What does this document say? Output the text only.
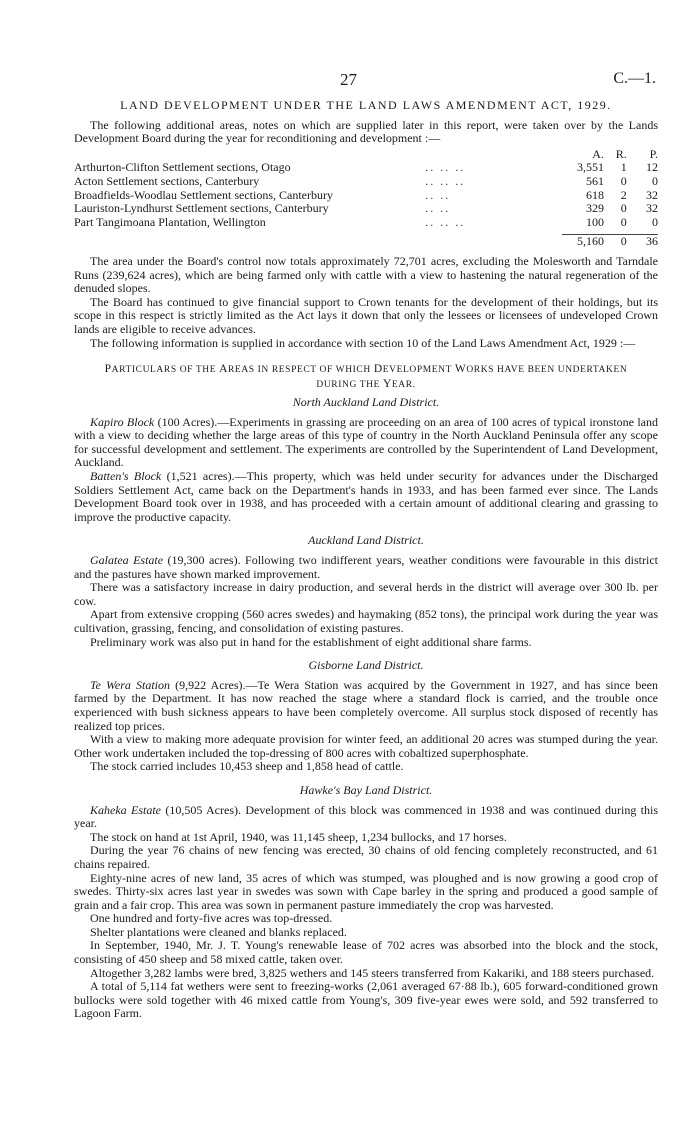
27	C.—1.
LAND DEVELOPMENT UNDER THE LAND LAWS AMENDMENT ACT, 1929.

The following additional areas, notes on which are supplied later in this report, were taken over by the Lands Development Board during the year for reconditioning and development :—

		A.	R.	P.
Arthurton-Clifton Settlement sections, Otago	.. .. ..	3,551	1	12
Acton Settlement sections, Canterbury	.. .. ..	561	0	0
Broadfields-Woodlau Settlement sections, Canterbury	.. ..	618	2	32
Lauriston-Lyndhurst Settlement sections, Canterbury	.. ..	329	0	32
Part Tangimoana Plantation, Wellington	.. .. ..	100	0	0

		5,160	0	36

The area under the Board's control now totals approximately 72,701 acres, excluding the Molesworth and Tarndale Runs (239,624 acres), which are being farmed only with cattle with a view to hastening the natural regeneration of the denuded slopes.

The Board has continued to give financial support to Crown tenants for the development of their holdings, but its scope in this respect is strictly limited as the Act lays it down that only the lessees or licensees of undeveloped Crown lands are eligible to receive advances.

The following information is supplied in accordance with section 10 of the Land Laws Amendment Act, 1929 :—

PARTICULARS OF THE AREAS IN RESPECT OF WHICH DEVELOPMENT WORKS HAVE BEEN UNDERTAKEN
DURING THE YEAR.
North Auckland Land District.

Kapiro Block (100 Acres).—Experiments in grassing are proceeding on an area of 100 acres of typical ironstone land with a view to deciding whether the large areas of this type of country in the North Auckland Peninsula offer any scope for successful development and settlement. The experiments are controlled by the Superintendent of Land Development, Auckland.

Batten's Block (1,521 acres).—This property, which was held under security for advances under the Discharged Soldiers Settlement Act, came back on the Department's hands in 1933, and has been farmed ever since. The Lands Development Board took over in 1938, and has proceeded with a certain amount of additional clearing and grassing to improve the productive capacity.

Auckland Land District.

Galatea Estate (19,300 acres). Following two indifferent years, weather conditions were favourable in this district and the pastures have shown marked improvement.

There was a satisfactory increase in dairy production, and several herds in the district will average over 300 lb. per cow.

Apart from extensive cropping (560 acres swedes) and haymaking (852 tons), the principal work during the year was cultivation, grassing, fencing, and consolidation of existing pastures.

Preliminary work was also put in hand for the establishment of eight additional share farms.

Gisborne Land District.

Te Wera Station (9,922 Acres).—Te Wera Station was acquired by the Government in 1927, and has since been farmed by the Department. It has now reached the stage where a standard flock is carried, and the trouble once experienced with bush sickness appears to have been completely overcome. All surplus stock disposed of recently has realized top prices.

With a view to making more adequate provision for winter feed, an additional 20 acres was stumped during the year. Other work undertaken included the top-dressing of 800 acres with cobaltized superphosphate.

The stock carried includes 10,453 sheep and 1,858 head of cattle.

Hawke's Bay Land District.

Kaheka Estate (10,505 Acres). Development of this block was commenced in 1938 and was continued during this year.

The stock on hand at 1st April, 1940, was 11,145 sheep, 1,234 bullocks, and 17 horses.

During the year 76 chains of new fencing was erected, 30 chains of old fencing completely reconstructed, and 61 chains repaired.

Eighty-nine acres of new land, 35 acres of which was stumped, was ploughed and is now growing a good crop of swedes. Thirty-six acres last year in swedes was sown with Cape barley in the spring and produced a good sample of grain and a fair crop. This area was sown in permanent pasture immediately the crop was harvested.

One hundred and forty-five acres was top-dressed.

Shelter plantations were cleaned and blanks replaced.

In September, 1940, Mr. J. T. Young's renewable lease of 702 acres was absorbed into the block and the stock, consisting of 450 sheep and 58 mixed cattle, taken over.

Altogether 3,282 lambs were bred, 3,825 wethers and 145 steers transferred from Kakariki, and 188 steers purchased.

A total of 5,114 fat wethers were sent to freezing-works (2,061 averaged 67·88 lb.), 605 forward-conditioned grown bullocks were sold together with 46 mixed cattle from Young's, 309 five-year ewes were sold, and 592 transferred to Lagoon Farm.
